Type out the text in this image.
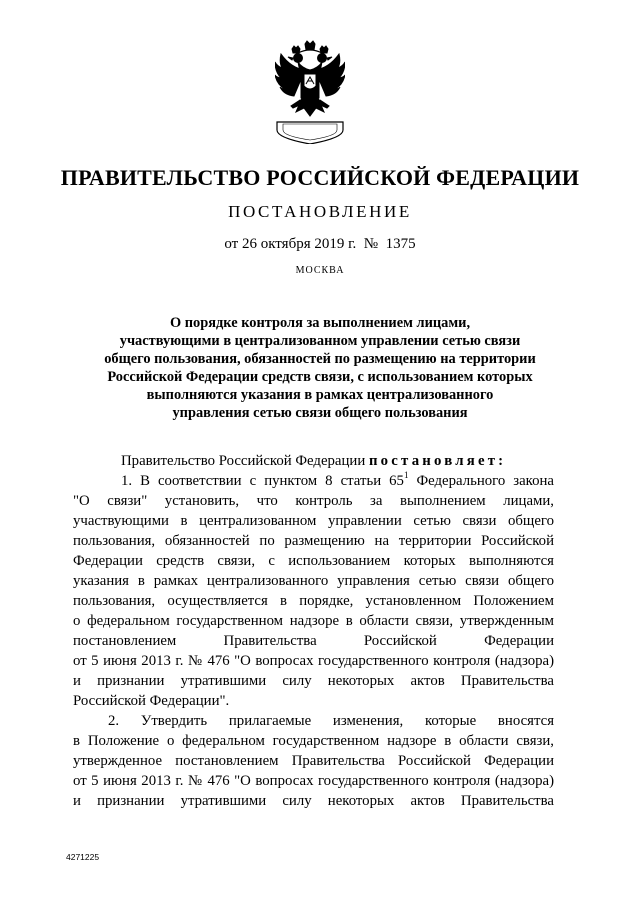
ПРАВИТЕЛЬСТВО РОССИЙСКОЙ ФЕДЕРАЦИИ
ПОСТАНОВЛЕНИЕ
от 26 октября 2019 г.  №  1375
МОСКВА
О порядке контроля за выполнением лицами,
участвующими в централизованном управлении сетью связи
общего пользования, обязанностей по размещению на территории
Российской Федерации средств связи, с использованием которых
выполняются указания в рамках централизованного
управления сетью связи общего пользования
Правительство Российской Федерации постановляет:
1. В соответствии с пунктом 8 статьи $65^1$ Федерального закона
"О связи" установить, что контроль за выполнением лицами,
участвующими в централизованном управлении сетью связи общего
пользования, обязанностей по размещению на территории Российской
Федерации средств связи, с использованием которых выполняются
указания в рамках централизованного управления сетью связи общего
пользования, осуществляется в порядке, установленном Положением
о федеральном государственном надзоре в области связи, утвержденным
постановлением Правительства Российской Федерации
от 5 июня 2013 г. № 476 "О вопросах государственного контроля (надзора)
и признании утратившими силу некоторых актов Правительства
Российской Федерации".
2. Утвердить прилагаемые изменения, которые вносятся
в Положение о федеральном государственном надзоре в области связи,
утвержденное постановлением Правительства Российской Федерации
от 5 июня 2013 г. № 476 "О вопросах государственного контроля (надзора)
и признании утратившими силу некоторых актов Правительства
4271225
